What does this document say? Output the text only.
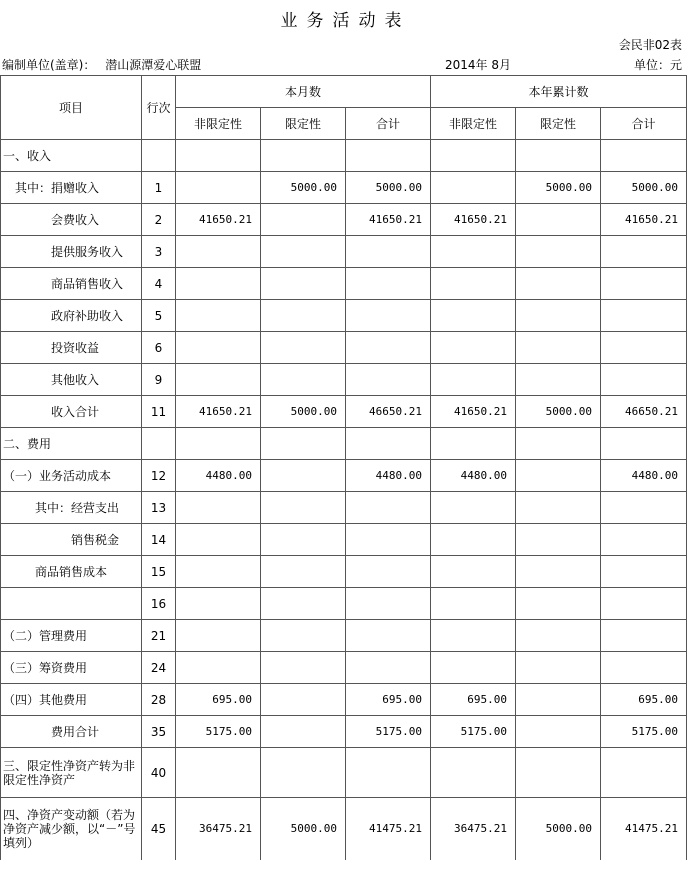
业务活动表
会民非02表
编制单位(盖章)： 潜山源潭爱心联盟	2014年 8月	单位：元
项目	行次	本月数			本年累计数		
		非限定性	限定性	合计	非限定性	限定性	合计
一、收入							
其中：捐赠收入	1		5000.00	5000.00		5000.00	5000.00
会费收入	2	41650.21		41650.21	41650.21		41650.21
提供服务收入	3						
商品销售收入	4						
政府补助收入	5						
投资收益	6						
其他收入	9						
收入合计	11	41650.21	5000.00	46650.21	41650.21	5000.00	46650.21
二、费用							
（一）业务活动成本	12	4480.00		4480.00	4480.00		4480.00
其中：经营支出	13						
销售税金	14						
商品销售成本	15						
	16						
（二）管理费用	21						
（三）筹资费用	24						
（四）其他费用	28	695.00		695.00	695.00		695.00
费用合计	35	5175.00		5175.00	5175.00		5175.00
三、限定性净资产转为非限定性净资产	40						
四、净资产变动额（若为净资产减少额，以“－”号填列）	45	36475.21	5000.00	41475.21	36475.21	5000.00	41475.21
